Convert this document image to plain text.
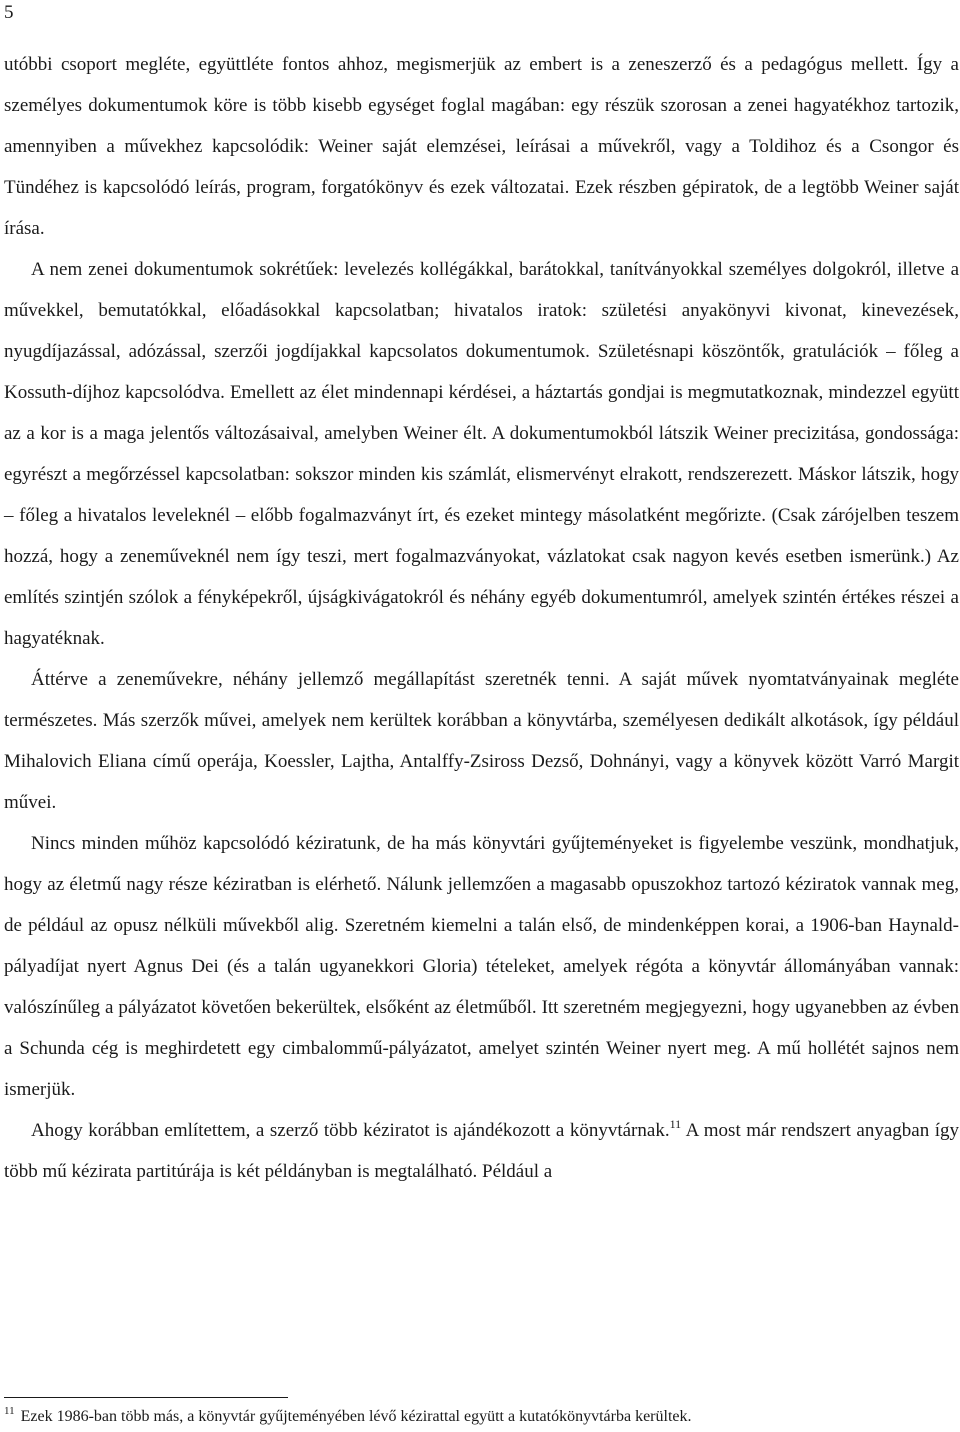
5

utóbbi csoport megléte, együttléte fontos ahhoz, megismerjük az embert is a zeneszerző és a pedagógus mellett. Így a személyes dokumentumok köre is több kisebb egységet foglal magában: egy részük szorosan a zenei hagyatékhoz tartozik, amennyiben a művekhez kapcsolódik: Weiner saját elemzései, leírásai a művekről, vagy a Toldihoz és a Csongor és Tündéhez is kapcsolódó leírás, program, forgatókönyv és ezek változatai. Ezek részben gépiratok, de a legtöbb Weiner saját írása.

A nem zenei dokumentumok sokrétűek: levelezés kollégákkal, barátokkal, tanítványokkal személyes dolgokról, illetve a művekkel, bemutatókkal, előadásokkal kapcsolatban; hivatalos iratok: születési anyakönyvi kivonat, kinevezések, nyugdíjazással, adózással, szerzői jogdíjakkal kapcsolatos dokumentumok. Születésnapi köszöntők, gratulációk – főleg a Kossuth-díjhoz kapcsolódva. Emellett az élet mindennapi kérdései, a háztartás gondjai is megmutatkoznak, mindezzel együtt az a kor is a maga jelentős változásaival, amelyben Weiner élt. A dokumentumokból látszik Weiner precizitása, gondossága: egyrészt a megőrzéssel kapcsolatban: sokszor minden kis számlát, elismervényt elrakott, rendszerezett. Máskor látszik, hogy – főleg a hivatalos leveleknél – előbb fogalmazványt írt, és ezeket mintegy másolatként megőrizte. (Csak zárójelben teszem hozzá, hogy a zeneműveknél nem így teszi, mert fogalmazványokat, vázlatokat csak nagyon kevés esetben ismerünk.) Az említés szintjén szólok a fényképekről, újságkivágatokról és néhány egyéb dokumentumról, amelyek szintén értékes részei a hagyatéknak.

Áttérve a zeneművekre, néhány jellemző megállapítást szeretnék tenni. A saját művek nyomtatványainak megléte természetes. Más szerzők művei, amelyek nem kerültek korábban a könyvtárba, személyesen dedikált alkotások, így például Mihalovich Eliana című operája, Koessler, Lajtha, Antalffy-Zsiross Dezső, Dohnányi, vagy a könyvek között Varró Margit művei.

Nincs minden műhöz kapcsolódó kéziratunk, de ha más könyvtári gyűjteményeket is figyelembe veszünk, mondhatjuk, hogy az életmű nagy része kéziratban is elérhető. Nálunk jellemzően a magasabb opuszokhoz tartozó kéziratok vannak meg, de például az opusz nélküli művekből alig. Szeretném kiemelni a talán első, de mindenképpen korai, a 1906-ban Haynald-pályadíjat nyert Agnus Dei (és a talán ugyanekkori Gloria) tételeket, amelyek régóta a könyvtár állományában vannak: valószínűleg a pályázatot követően bekerültek, elsőként az életműből. Itt szeretném megjegyezni, hogy ugyanebben az évben a Schunda cég is meghirdetett egy cimbalommű-pályázatot, amelyet szintén Weiner nyert meg. A mű hollétét sajnos nem ismerjük.

Ahogy korábban említettem, a szerző több kéziratot is ajándékozott a könyvtárnak.$^{11}$ A most már rendszert anyagban így több mű kézirata partitúrája is két példányban is megtalálható. Például a

$^{11}$ Ezek 1986-ban több más, a könyvtár gyűjteményében lévő kézirattal együtt a kutatókönyvtárba kerültek.
